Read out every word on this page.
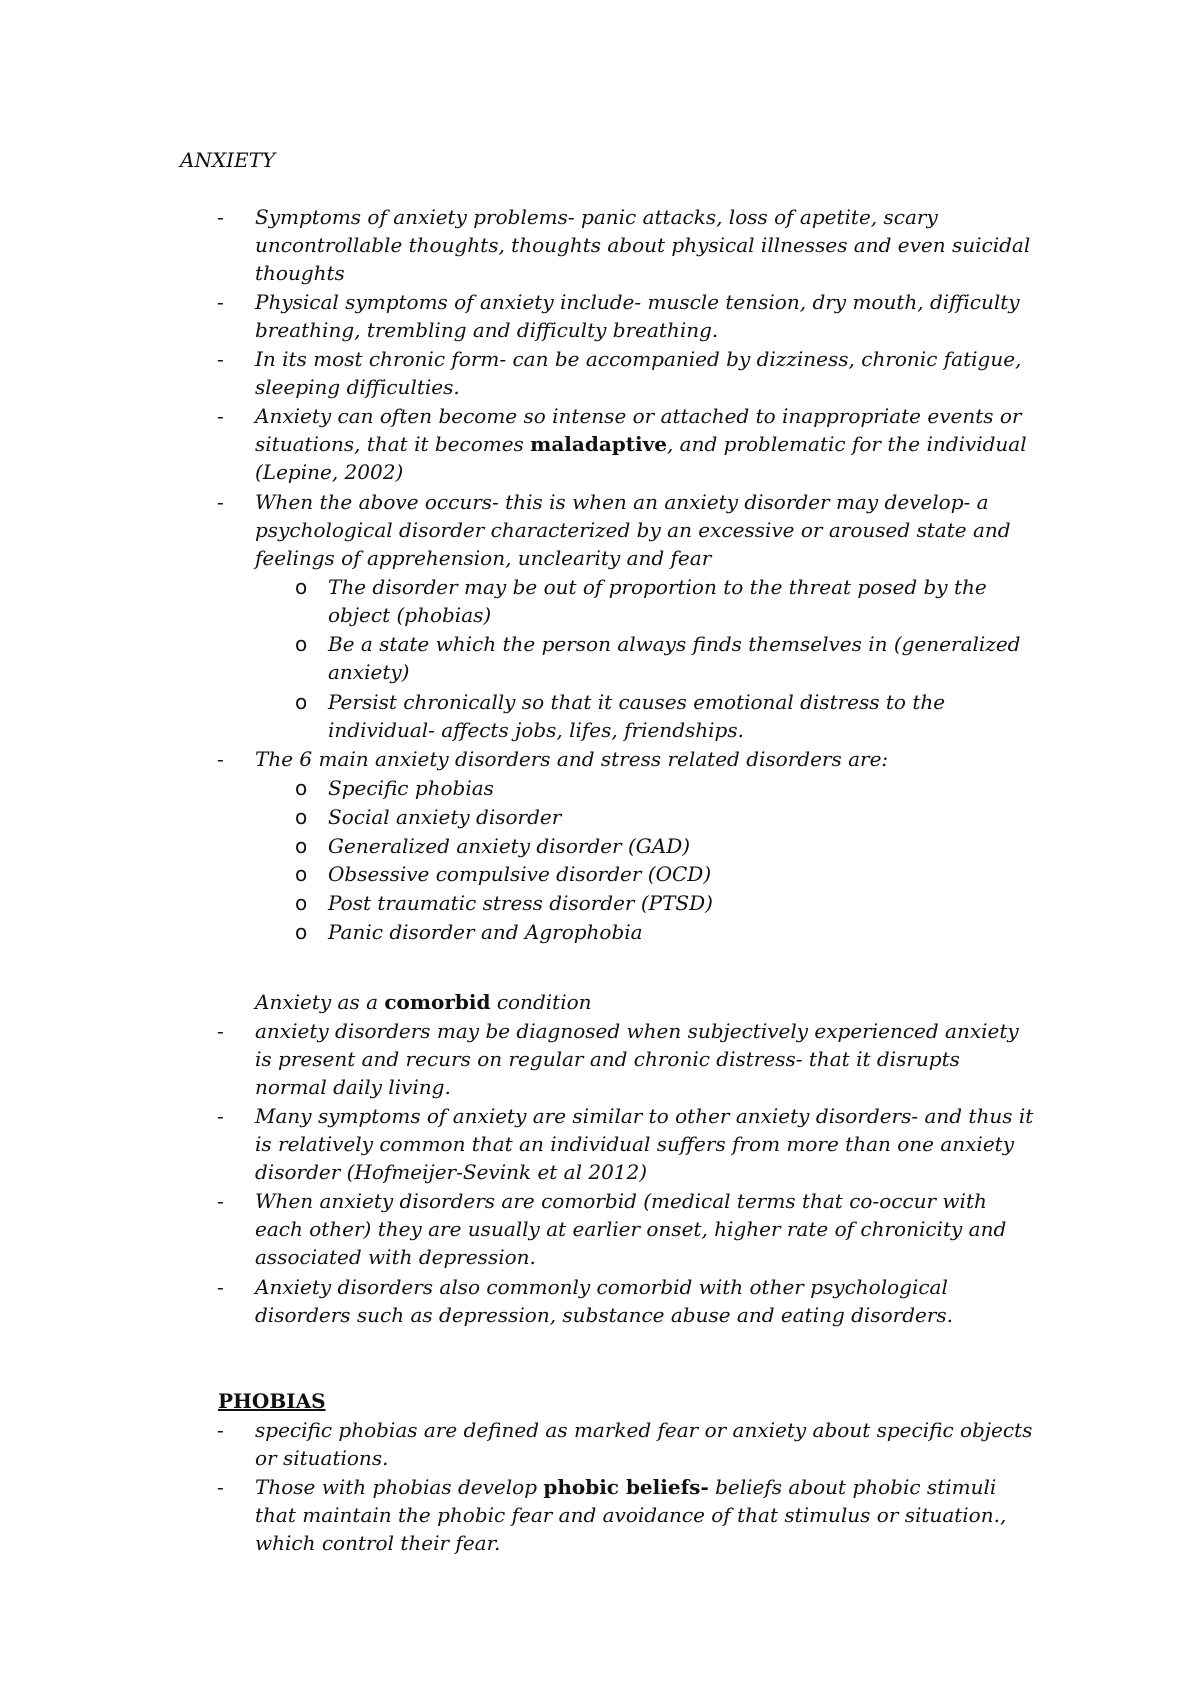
ANXIETY
- Symptoms of anxiety problems- panic attacks, loss of apetite, scary
uncontrollable thoughts, thoughts about physical illnesses and even suicidal
thoughts
- Physical symptoms of anxiety include- muscle tension, dry mouth, difficulty
breathing, trembling and difficulty breathing.
- In its most chronic form- can be accompanied by dizziness, chronic fatigue,
sleeping difficulties.
- Anxiety can often become so intense or attached to inappropriate events or
situations, that it becomes maladaptive, and problematic for the individual
(Lepine, 2002)
- When the above occurs- this is when an anxiety disorder may develop- a
psychological disorder characterized by an excessive or aroused state and
feelings of apprehension, unclearity and fear
o The disorder may be out of proportion to the threat posed by the
object (phobias)
o Be a state which the person always finds themselves in (generalized
anxiety)
o Persist chronically so that it causes emotional distress to the
individual- affects jobs, lifes, friendships.
- The 6 main anxiety disorders and stress related disorders are:
o Specific phobias
o Social anxiety disorder
o Generalized anxiety disorder (GAD)
o Obsessive compulsive disorder (OCD)
o Post traumatic stress disorder (PTSD)
o Panic disorder and Agrophobia
Anxiety as a comorbid condition
- anxiety disorders may be diagnosed when subjectively experienced anxiety
is present and recurs on regular and chronic distress- that it disrupts
normal daily living.
- Many symptoms of anxiety are similar to other anxiety disorders- and thus it
is relatively common that an individual suffers from more than one anxiety
disorder (Hofmeijer-Sevink et al 2012)
- When anxiety disorders are comorbid (medical terms that co-occur with
each other) they are usually at earlier onset, higher rate of chronicity and
associated with depression.
- Anxiety disorders also commonly comorbid with other psychological
disorders such as depression, substance abuse and eating disorders.
PHOBIAS
- specific phobias are defined as marked fear or anxiety about specific objects
or situations.
- Those with phobias develop phobic beliefs- beliefs about phobic stimuli
that maintain the phobic fear and avoidance of that stimulus or situation.,
which control their fear.
